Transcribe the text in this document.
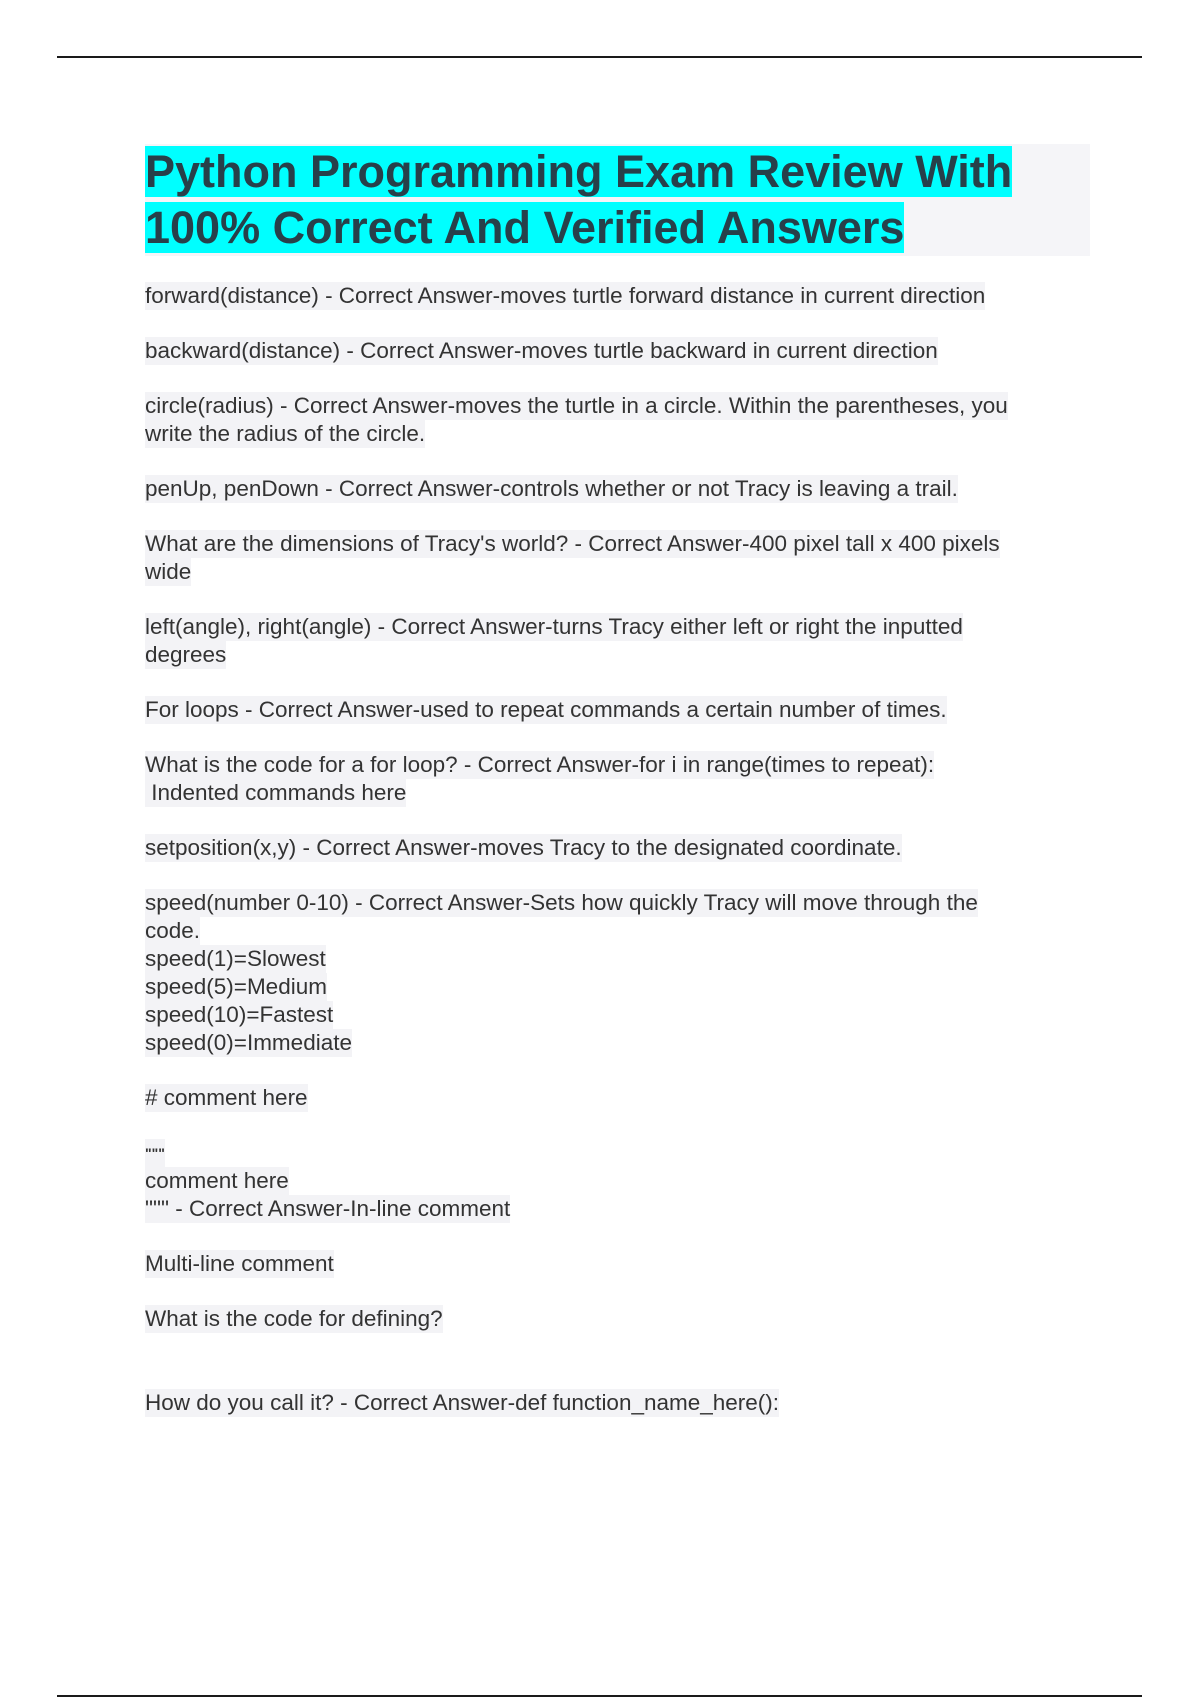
Python Programming Exam Review With
100% Correct And Verified Answers
forward(distance) - Correct Answer-moves turtle forward distance in current direction
backward(distance) - Correct Answer-moves turtle backward in current direction
circle(radius) - Correct Answer-moves the turtle in a circle. Within the parentheses, you
write the radius of the circle.
penUp, penDown - Correct Answer-controls whether or not Tracy is leaving a trail.
What are the dimensions of Tracy's world? - Correct Answer-400 pixel tall x 400 pixels
wide
left(angle), right(angle) - Correct Answer-turns Tracy either left or right the inputted
degrees
For loops - Correct Answer-used to repeat commands a certain number of times.
What is the code for a for loop? - Correct Answer-for i in range(times to repeat):
Indented commands here
setposition(x,y) - Correct Answer-moves Tracy to the designated coordinate.
speed(number 0-10) - Correct Answer-Sets how quickly Tracy will move through the
code.
speed(1)=Slowest
speed(5)=Medium
speed(10)=Fastest
speed(0)=Immediate
# comment here
"""
comment here
""" - Correct Answer-In-line comment
Multi-line comment
What is the code for defining?
How do you call it? - Correct Answer-def function_name_here():
